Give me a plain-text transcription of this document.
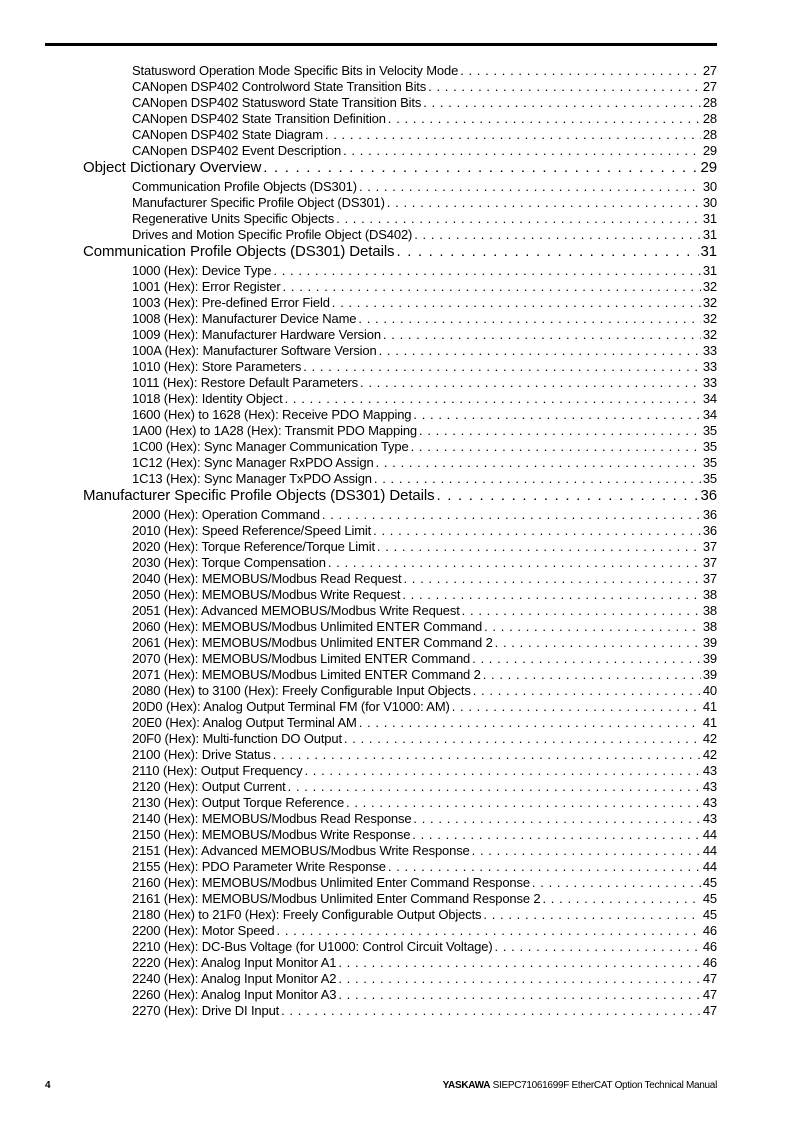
Statusword Operation Mode Specific Bits in Velocity Mode . . .	27
CANopen DSP402 Controlword State Transition Bits . . .	27
CANopen DSP402 Statusword State Transition Bits . . .	28
CANopen DSP402 State Transition Definition . . .	28
CANopen DSP402 State Diagram . . .	28
CANopen DSP402 Event Description . . .	29
Object Dictionary Overview . . .	29
Communication Profile Objects (DS301) . . .	30
Manufacturer Specific Profile Object (DS301) . . .	30
Regenerative Units Specific Objects . . .	31
Drives and Motion Specific Profile Object (DS402) . . .	31
Communication Profile Objects (DS301) Details . . .	31
1000 (Hex): Device Type . . .	31
1001 (Hex): Error Register . . .	32
1003 (Hex): Pre-defined Error Field . . .	32
1008 (Hex): Manufacturer Device Name . . .	32
1009 (Hex): Manufacturer Hardware Version . . .	32
100A (Hex): Manufacturer Software Version . . .	33
1010 (Hex): Store Parameters . . .	33
1011 (Hex): Restore Default Parameters . . .	33
1018 (Hex): Identity Object . . .	34
1600 (Hex) to 1628 (Hex): Receive PDO Mapping . . .	34
1A00 (Hex) to 1A28 (Hex): Transmit PDO Mapping . . .	35
1C00 (Hex): Sync Manager Communication Type . . .	35
1C12 (Hex): Sync Manager RxPDO Assign . . .	35
1C13 (Hex): Sync Manager TxPDO Assign . . .	35
Manufacturer Specific Profile Objects (DS301) Details . . .	36
2000 (Hex): Operation Command . . .	36
2010 (Hex): Speed Reference/Speed Limit . . .	36
2020 (Hex): Torque Reference/Torque Limit . . .	37
2030 (Hex): Torque Compensation . . .	37
2040 (Hex): MEMOBUS/Modbus Read Request . . .	37
2050 (Hex): MEMOBUS/Modbus Write Request . . .	38
2051 (Hex): Advanced MEMOBUS/Modbus Write Request . . .	38
2060 (Hex): MEMOBUS/Modbus Unlimited ENTER Command . . .	38
2061 (Hex): MEMOBUS/Modbus Unlimited ENTER Command 2 . . .	39
2070 (Hex): MEMOBUS/Modbus Limited ENTER Command . . .	39
2071 (Hex): MEMOBUS/Modbus Limited ENTER Command 2 . . .	39
2080 (Hex) to 3100 (Hex): Freely Configurable Input Objects . . .	40
20D0 (Hex): Analog Output Terminal FM (for V1000: AM) . . .	41
20E0 (Hex): Analog Output Terminal AM . . .	41
20F0 (Hex): Multi-function DO Output . . .	42
2100 (Hex): Drive Status . . .	42
2110 (Hex): Output Frequency . . .	43
2120 (Hex): Output Current . . .	43
2130 (Hex): Output Torque Reference . . .	43
2140 (Hex): MEMOBUS/Modbus Read Response . . .	43
2150 (Hex): MEMOBUS/Modbus Write Response . . .	44
2151 (Hex): Advanced MEMOBUS/Modbus Write Response . . .	44
2155 (Hex): PDO Parameter Write Response . . .	44
2160 (Hex): MEMOBUS/Modbus Unlimited Enter Command Response . . .	45
2161 (Hex): MEMOBUS/Modbus Unlimited Enter Command Response 2 . . .	45
2180 (Hex) to 21F0 (Hex): Freely Configurable Output Objects . . .	45
2200 (Hex): Motor Speed . . .	46
2210 (Hex): DC-Bus Voltage (for U1000: Control Circuit Voltage) . . .	46
2220 (Hex): Analog Input Monitor A1 . . .	46
2240 (Hex): Analog Input Monitor A2 . . .	47
2260 (Hex): Analog Input Monitor A3 . . .	47
2270 (Hex): Drive DI Input . . .	47
4	YASKAWA SIEPC71061699F EtherCAT Option Technical Manual
